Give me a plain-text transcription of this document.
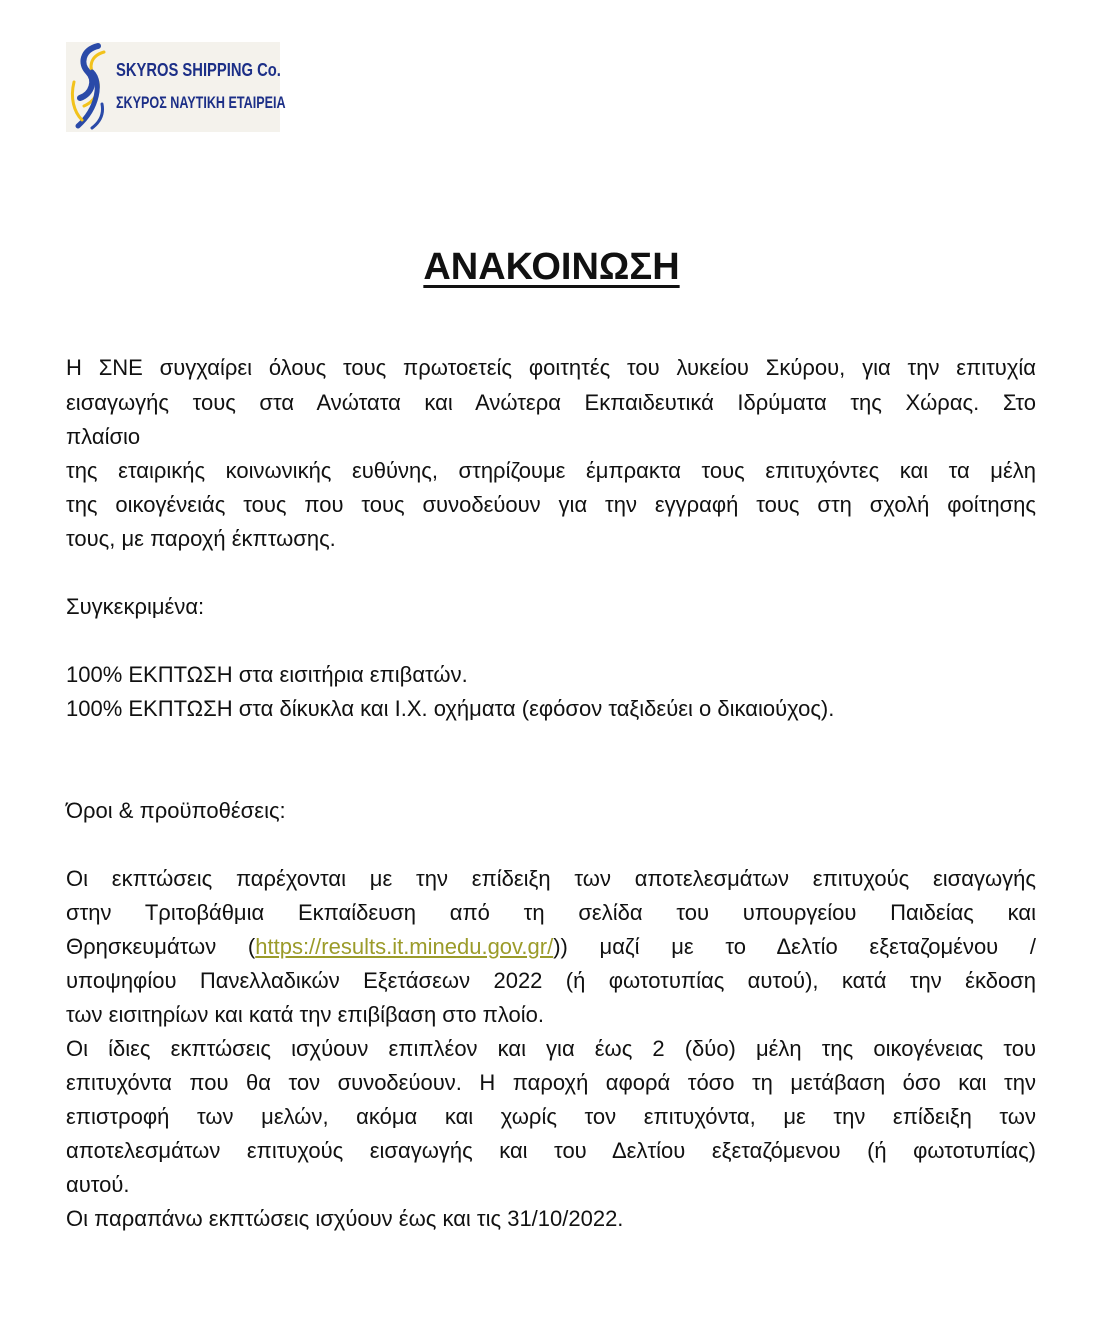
SKYROS SHIPPING Co.
ΣΚΥΡΟΣ ΝΑΥΤΙΚΗ ΕΤΑΙΡΕΙΑ
ΑΝΑΚΟΙΝΩΣΗ

Η ΣΝΕ συγχαίρει όλους τους πρωτοετείς φοιτητές του λυκείου Σκύρου, για την επιτυχία

εισαγωγής τους στα Ανώτατα και Ανώτερα Εκπαιδευτικά Ιδρύματα της Χώρας. Στο

πλαίσιο

της εταιρικής κοινωνικής ευθύνης, στηρίζουμε έμπρακτα τους επιτυχόντες και τα μέλη

της οικογένειάς τους που τους συνοδεύουν για την εγγραφή τους στη σχολή φοίτησης

τους, με παροχή έκπτωσης.

Συγκεκριμένα:

100% ΕΚΠΤΩΣΗ στα εισιτήρια επιβατών.

100% ΕΚΠΤΩΣΗ στα δίκυκλα και Ι.Χ. οχήματα (εφόσον ταξιδεύει ο δικαιούχος).

Όροι & προϋποθέσεις:

Οι εκπτώσεις παρέχονται με την επίδειξη των αποτελεσμάτων επιτυχούς εισαγωγής

στην Τριτοβάθμια Εκπαίδευση από τη σελίδα του υπουργείου Παιδείας και

Θρησκευμάτων (https://results.it.minedu.gov.gr/)) μαζί με το Δελτίο εξεταζομένου /

υποψηφίου Πανελλαδικών Εξετάσεων 2022 (ή φωτοτυπίας αυτού), κατά την έκδοση

των εισιτηρίων και κατά την επιβίβαση στο πλοίο.

Οι ίδιες εκπτώσεις ισχύουν επιπλέον και για έως 2 (δύο) μέλη της οικογένειας του

επιτυχόντα που θα τον συνοδεύουν. Η παροχή αφορά τόσο τη μετάβαση όσο και την

επιστροφή των μελών, ακόμα και χωρίς τον επιτυχόντα, με την επίδειξη των

αποτελεσμάτων επιτυχούς εισαγωγής και του Δελτίου εξεταζόμενου (ή φωτοτυπίας)

αυτού.

Οι παραπάνω εκπτώσεις ισχύουν έως και τις 31/10/2022.
